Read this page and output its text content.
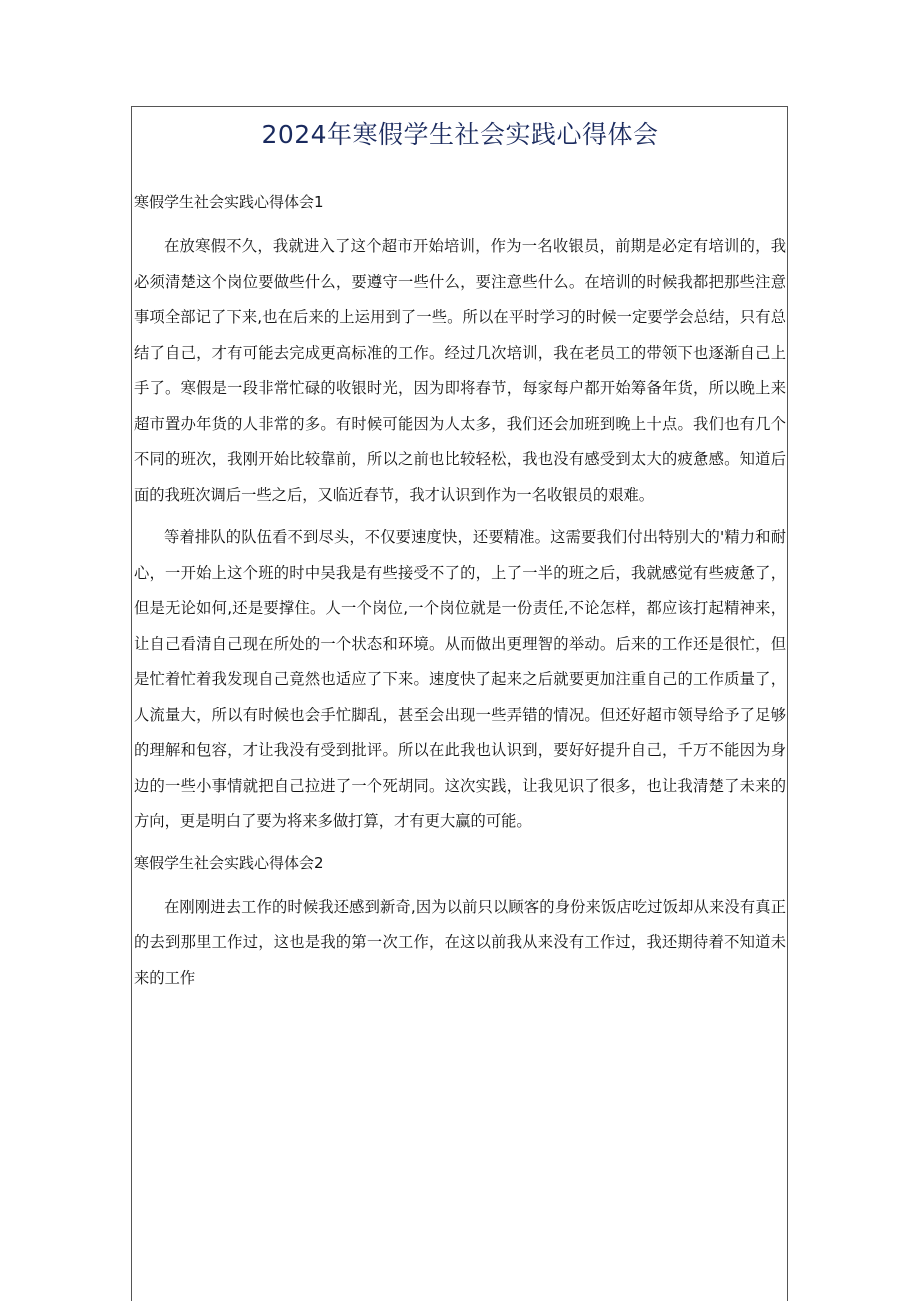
2024年寒假学生社会实践心得体会

寒假学生社会实践心得体会1

在放寒假不久，我就进入了这个超市开始培训，作为一名收银员，前期是必定有培训的，我必须清楚这个岗位要做些什么，要遵守一些什么，要注意些什么。在培训的时候我都把那些注意事项全部记了下来,也在后来的上运用到了一些。所以在平时学习的时候一定要学会总结，只有总结了自己，才有可能去完成更高标准的工作。经过几次培训，我在老员工的带领下也逐渐自己上手了。寒假是一段非常忙碌的收银时光，因为即将春节，每家每户都开始筹备年货，所以晚上来超市置办年货的人非常的多。有时候可能因为人太多，我们还会加班到晚上十点。我们也有几个不同的班次，我刚开始比较靠前，所以之前也比较轻松，我也没有感受到太大的疲惫感。知道后面的我班次调后一些之后，又临近春节，我才认识到作为一名收银员的艰难。

等着排队的队伍看不到尽头，不仅要速度快，还要精准。这需要我们付出特别大的'精力和耐心，一开始上这个班的时中吴我是有些接受不了的，上了一半的班之后，我就感觉有些疲惫了，但是无论如何,还是要撑住。人一个岗位,一个岗位就是一份责任,不论怎样，都应该打起精神来，让自己看清自己现在所处的一个状态和环境。从而做出更理智的举动。后来的工作还是很忙，但是忙着忙着我发现自己竟然也适应了下来。速度快了起来之后就要更加注重自己的工作质量了，人流量大，所以有时候也会手忙脚乱，甚至会出现一些弄错的情况。但还好超市领导给予了足够的理解和包容，才让我没有受到批评。所以在此我也认识到，要好好提升自己，千万不能因为身边的一些小事情就把自己拉进了一个死胡同。这次实践，让我见识了很多，也让我清楚了未来的方向，更是明白了要为将来多做打算，才有更大赢的可能。

寒假学生社会实践心得体会2

在刚刚进去工作的时候我还感到新奇,因为以前只以顾客的身份来饭店吃过饭却从来没有真正的去到那里工作过，这也是我的第一次工作，在这以前我从来没有工作过，我还期待着不知道未来的工作
